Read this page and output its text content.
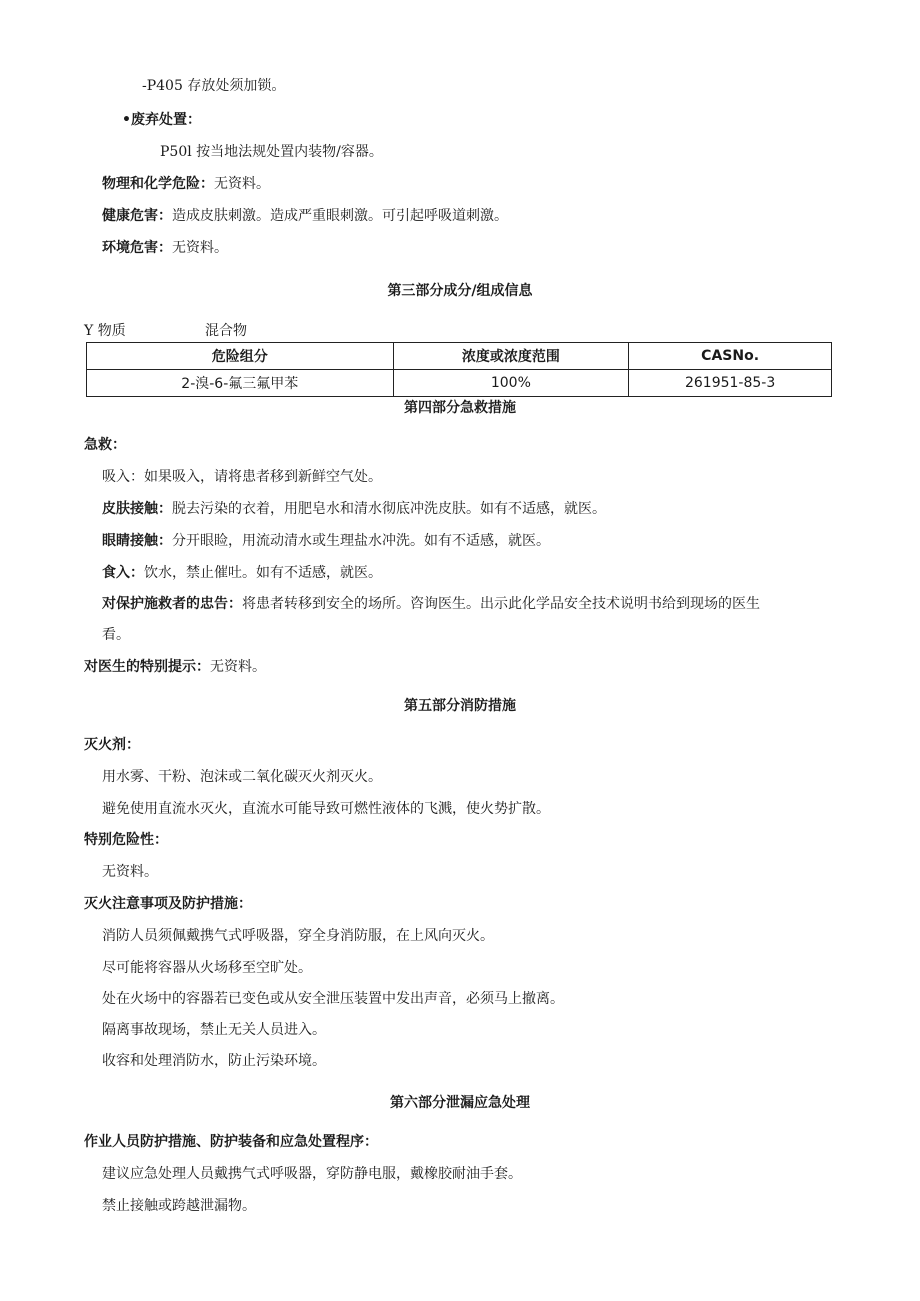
-P405 存放处须加锁。
•废弃处置：
P50l 按当地法规处置内装物/容器。
物理和化学危险：无资料。
健康危害：造成皮肤刺激。造成严重眼刺激。可引起呼吸道刺激。
环境危害：无资料。
第三部分成分/组成信息
Y 物质	混合物
危险组分	浓度或浓度范围	CASNo.
2-溴-6-氟三氟甲苯	100%	261951-85-3
第四部分急救措施
急救：
吸入：如果吸入，请将患者移到新鲜空气处。
皮肤接触：脱去污染的衣着，用肥皂水和清水彻底冲洗皮肤。如有不适感，就医。
眼睛接触：分开眼睑，用流动清水或生理盐水冲洗。如有不适感，就医。
食入：饮水，禁止催吐。如有不适感，就医。
对保护施救者的忠告：将患者转移到安全的场所。咨询医生。出示此化学品安全技术说明书给到现场的医生
看。
对医生的特别提示：无资料。
第五部分消防措施
灭火剂：
用水雾、干粉、泡沫或二氧化碳灭火剂灭火。
避免使用直流水灭火，直流水可能导致可燃性液体的飞溅，使火势扩散。
特别危险性：
无资料。
灭火注意事项及防护措施：
消防人员须佩戴携气式呼吸器，穿全身消防服，在上风向灭火。
尽可能将容器从火场移至空旷处。
处在火场中的容器若已变色或从安全泄压装置中发出声音，必须马上撤离。
隔离事故现场，禁止无关人员进入。
收容和处理消防水，防止污染环境。
第六部分泄漏应急处理
作业人员防护措施、防护装备和应急处置程序：
建议应急处理人员戴携气式呼吸器，穿防静电服，戴橡胶耐油手套。
禁止接触或跨越泄漏物。
